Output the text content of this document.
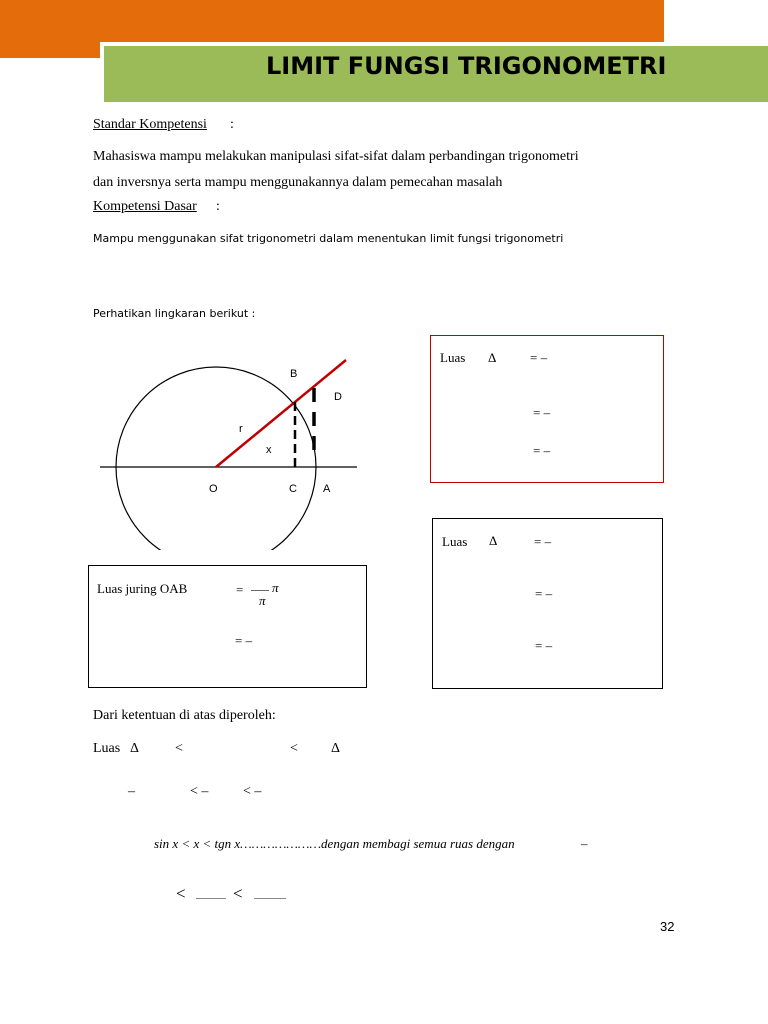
LIMIT FUNGSI TRIGONOMETRI
Standar Kompetensi :
Mahasiswa mampu melakukan manipulasi sifat-sifat dalam perbandingan trigonometri
dan inversnya serta mampu menggunakannya dalam pemecahan masalah
Kompetensi Dasar :
Mampu menggunakan sifat trigonometri dalam menentukan limit fungsi trigonometri
Perhatikan lingkaran berikut :
B
D
r
x
O	C A
Luas Δ	= –
= –
= –
Luas Δ	= –
= –
= –
Luas juring OAB	= π
π
= –
Dari ketentuan di atas diperoleh:
Luas Δ	<	< Δ
–	< – < –
sin x < x < tgn x…………………dengan membagi semua ruas dengan	–
<	<
32
